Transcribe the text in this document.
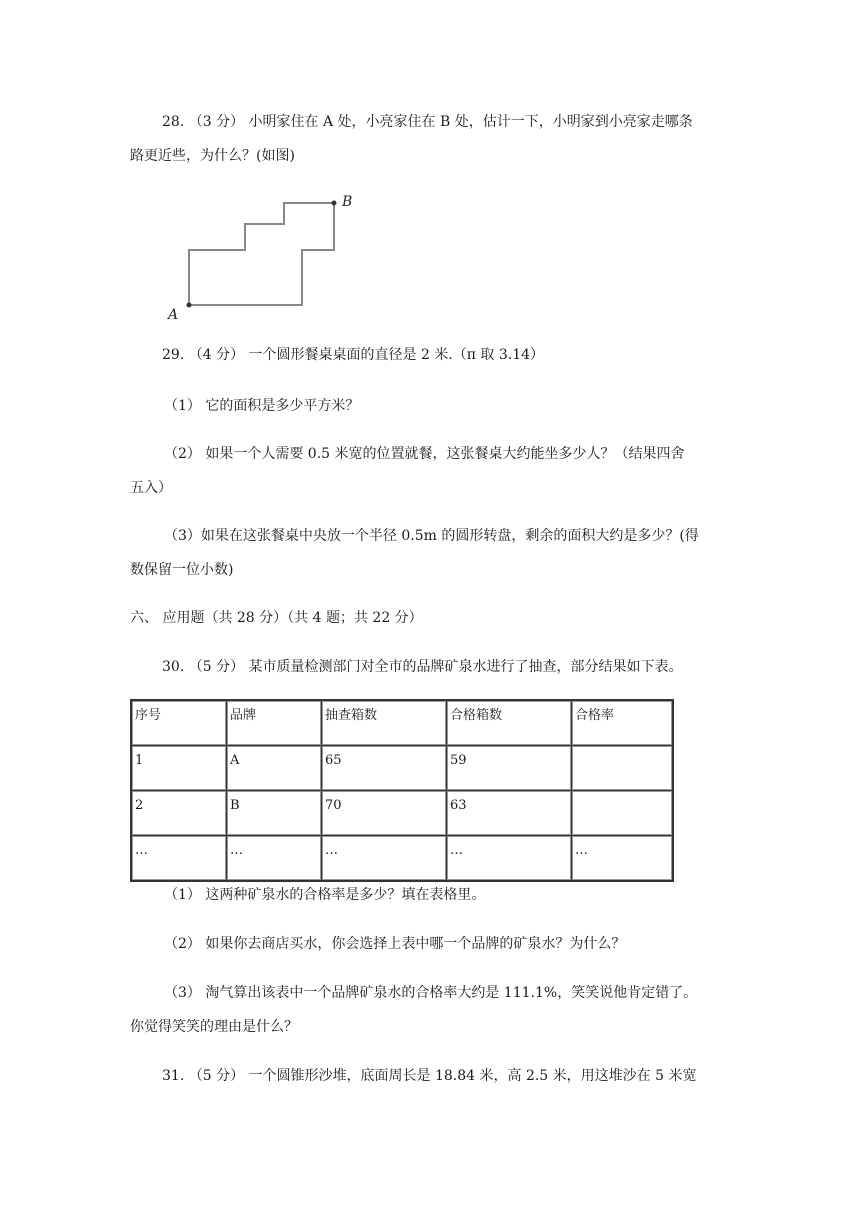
28. （3 分） 小明家住在 A 处，小亮家住在 B 处，估计一下，小明家到小亮家走哪条
路更近些，为什么？(如图)
A
B
29. （4 分） 一个圆形餐桌桌面的直径是 2 米.（π 取 3.14）
（1） 它的面积是多少平方米？
（2） 如果一个人需要 0.5 米宽的位置就餐，这张餐桌大约能坐多少人？（结果四舍
五入）
（3）如果在这张餐桌中央放一个半径 0.5m 的圆形转盘，剩余的面积大约是多少？(得
数保留一位小数)
六、 应用题（共 28 分）（共 4 题；共 22 分）
30. （5 分） 某市质量检测部门对全市的品牌矿泉水进行了抽查，部分结果如下表。
序号	品牌	抽查箱数	合格箱数	合格率
1	A	65	59	
2	B	70	63	
…	…	…	…	…
（1） 这两种矿泉水的合格率是多少？填在表格里。
（2） 如果你去商店买水，你会选择上表中哪一个品牌的矿泉水？为什么？
（3） 淘气算出该表中一个品牌矿泉水的合格率大约是 111.1%，笑笑说他肯定错了。
你觉得笑笑的理由是什么？
31. （5 分） 一个圆锥形沙堆，底面周长是 18.84 米，高 2.5 米，用这堆沙在 5 米宽
